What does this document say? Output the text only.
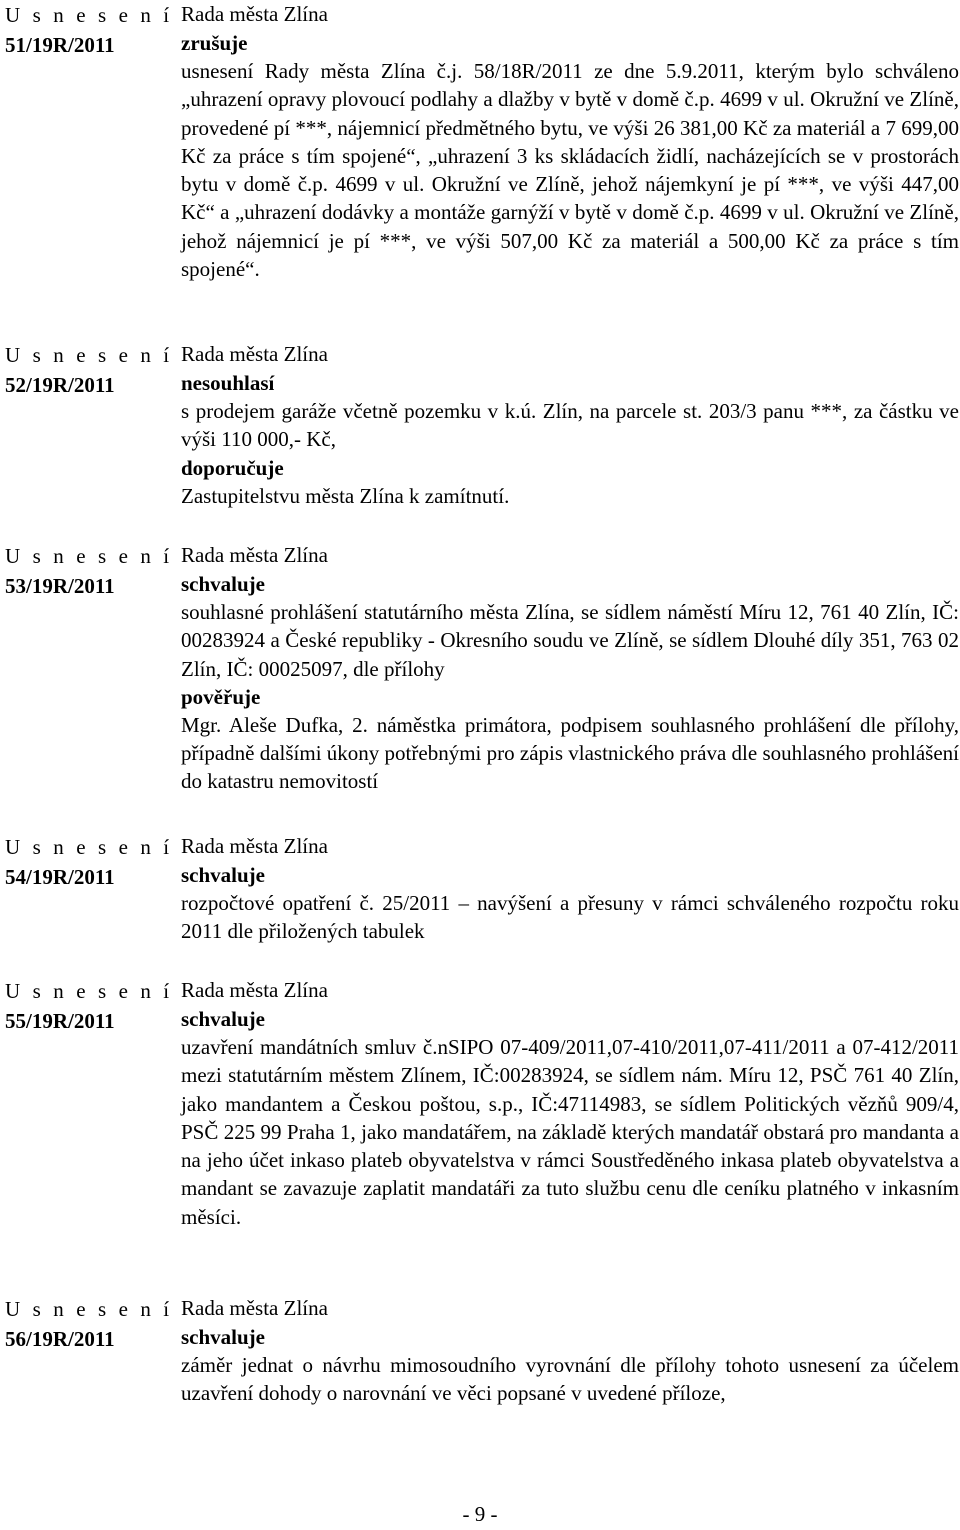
U s n e s e n í
51/19R/2011
Rada města Zlína
zrušuje

usnesení Rady města Zlína č.j. 58/18R/2011 ze dne 5.9.2011, kterým bylo schváleno „uhrazení opravy plovoucí podlahy a dlažby v bytě v domě č.p. 4699 v ul. Okružní ve Zlíně, provedené pí ***, nájemnicí předmětného bytu, ve výši 26 381,00 Kč za materiál a 7 699,00 Kč za práce s tím spojené“, „uhrazení 3 ks skládacích židlí, nacházejících se v prostorách bytu v domě č.p. 4699 v ul. Okružní ve Zlíně, jehož nájemkyní je pí ***, ve výši 447,00 Kč“ a „uhrazení dodávky a montáže garnýží v bytě v domě č.p. 4699 v ul. Okružní ve Zlíně, jehož nájemnicí je pí ***, ve výši 507,00 Kč za materiál a 500,00 Kč za práce s tím spojené“.

U s n e s e n í
52/19R/2011
Rada města Zlína
nesouhlasí

s prodejem garáže včetně pozemku v k.ú. Zlín, na parcele st. 203/3 panu ***, za částku ve výši 110 000,- Kč,

doporučuje

Zastupitelstvu města Zlína k zamítnutí.

U s n e s e n í
53/19R/2011
Rada města Zlína
schvaluje

souhlasné prohlášení statutárního města Zlína, se sídlem náměstí Míru 12, 761 40 Zlín, IČ: 00283924 a České republiky - Okresního soudu ve Zlíně, se sídlem Dlouhé díly 351, 763 02 Zlín, IČ: 00025097, dle přílohy

pověřuje

Mgr. Aleše Dufka, 2. náměstka primátora, podpisem souhlasného prohlášení dle přílohy, případně dalšími úkony potřebnými pro zápis vlastnického práva dle souhlasného prohlášení do katastru nemovitostí

U s n e s e n í
54/19R/2011
Rada města Zlína
schvaluje

rozpočtové opatření č. 25/2011 – navýšení a přesuny v rámci schváleného rozpočtu roku 2011 dle přiložených tabulek

U s n e s e n í
55/19R/2011
Rada města Zlína
schvaluje

uzavření mandátních smluv č.nSIPO 07-409/2011,07-410/2011,07-411/2011 a 07-412/2011 mezi statutárním městem Zlínem, IČ:00283924, se sídlem nám. Míru 12, PSČ 761 40 Zlín, jako mandantem a Českou poštou, s.p., IČ:47114983, se sídlem Politických vězňů 909/4, PSČ 225 99 Praha 1, jako mandatářem, na základě kterých mandatář obstará pro mandanta a na jeho účet inkaso plateb obyvatelstva v rámci Soustředěného inkasa plateb obyvatelstva a mandant se zavazuje zaplatit mandatáři za tuto službu cenu dle ceníku platného v inkasním měsíci.

U s n e s e n í
56/19R/2011
Rada města Zlína
schvaluje

záměr jednat o návrhu mimosoudního vyrovnání dle přílohy tohoto usnesení za účelem uzavření dohody o narovnání ve věci popsané v uvedené příloze,

- 9 -
